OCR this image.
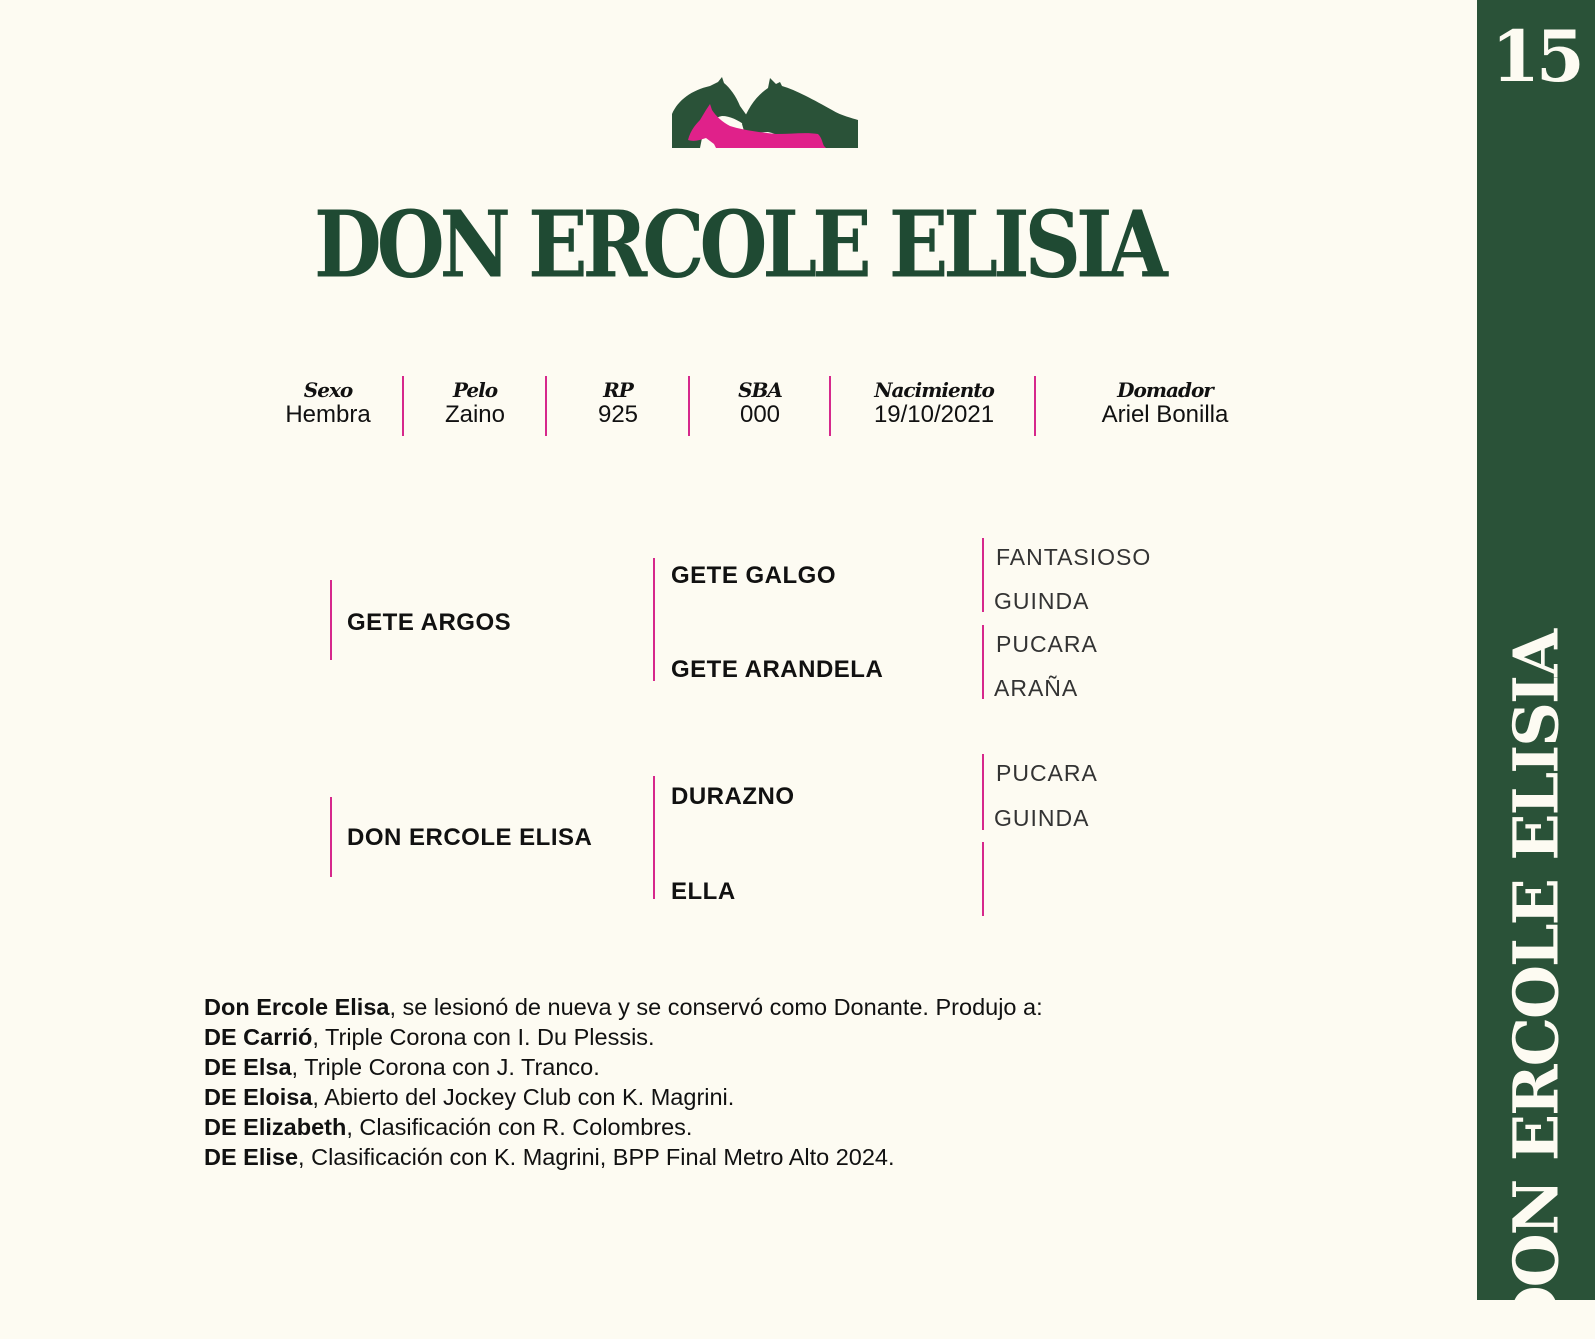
15
DON ERCOLE ELISIA
DON ERCOLE ELISIA
Sexo
Hembra
Pelo
Zaino
RP
925
SBA
000
Nacimiento
19/10/2021
Domador
Ariel Bonilla
GETE ARGOS
DON ERCOLE ELISA
GETE GALGO
GETE ARANDELA
DURAZNO
ELLA
FANTASIOSO
GUINDA
PUCARA
ARAÑA
PUCARA
GUINDA
Don Ercole Elisa, se lesionó de nueva y se conservó como Donante. Produjo a:
DE Carrió, Triple Corona con I. Du Plessis.
DE Elsa, Triple Corona con J. Tranco.
DE Eloisa, Abierto del Jockey Club con K. Magrini.
DE Elizabeth, Clasificación con R. Colombres.
DE Elise, Clasificación con K. Magrini, BPP Final Metro Alto 2024.
